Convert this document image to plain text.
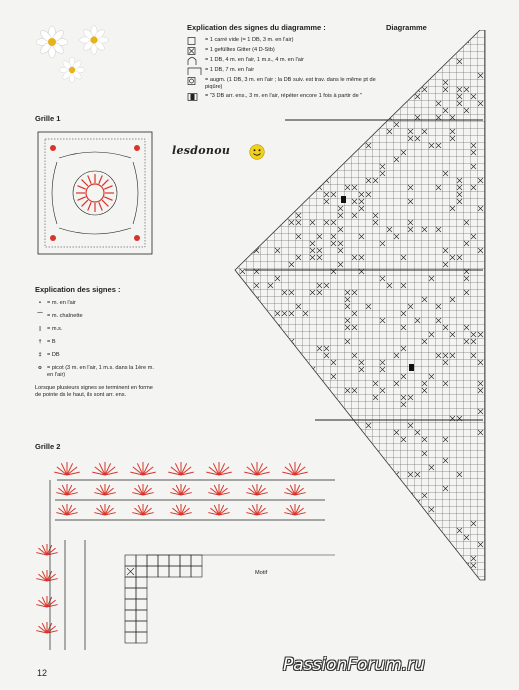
Explication des signes du diagramme :
= 1 carré vide (= 1 DB, 3 m. en l'air)
= 1 gefülltes Gitter (4 D-Stb)
= 1 DB, 4 m. en l'air, 1 m.s., 4 m. en l'air
= 1 DB, 7 m. en l'air
= augm. (1 DB, 3 m. en l'air ; la DB suiv. est trav. dans le même pt de piqûre)
= "3 DB arr. ens., 3 m. en l'air, répéter encore 1 fois à partir de "
Diagramme
Grille 1
lesdonou
Explication des signes :
•	= m. en l'air
⌒ = m. chaînette
|	= m.s.
† = B
‡ = DB
o = picot (3 m. en l'air, 1 m.s. dans la 1ère m. en l'air)
Lorsque plusieurs signes se terminent en forme de pointe ds le haut, ils sont arr. ens.
Grille 2
Motif
12	PassionForum.ru
